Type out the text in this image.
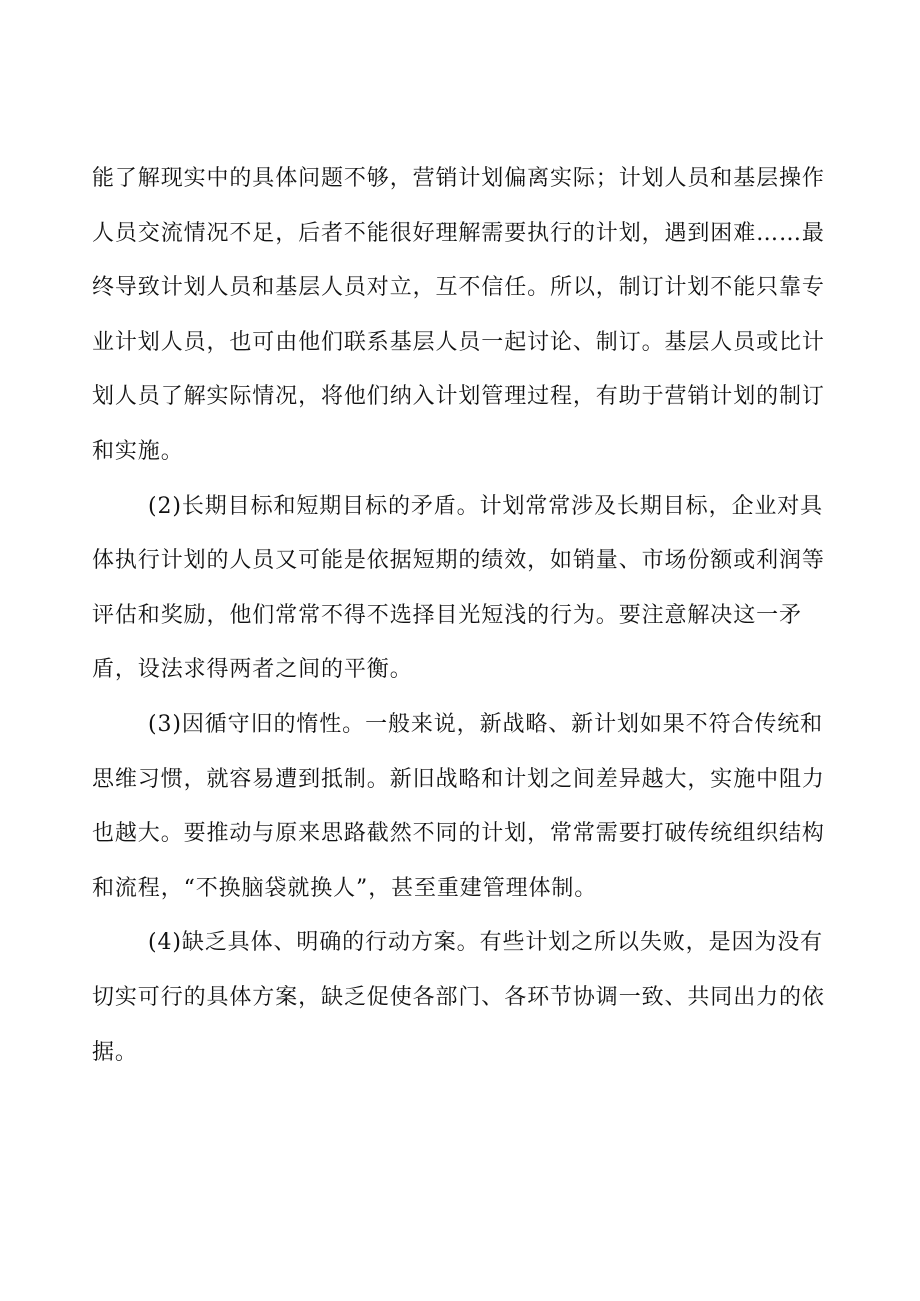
能了解现实中的具体问题不够，营销计划偏离实际；计划人员和基层操作
人员交流情况不足，后者不能很好理解需要执行的计划，遇到困难……最
终导致计划人员和基层人员对立，互不信任。所以，制订计划不能只靠专
业计划人员，也可由他们联系基层人员一起讨论、制订。基层人员或比计
划人员了解实际情况，将他们纳入计划管理过程，有助于营销计划的制订
和实施。
(2)长期目标和短期目标的矛盾。计划常常涉及长期目标，企业对具
体执行计划的人员又可能是依据短期的绩效，如销量、市场份额或利润等
评估和奖励，他们常常不得不选择目光短浅的行为。要注意解决这一矛
盾，设法求得两者之间的平衡。
(3)因循守旧的惰性。一般来说，新战略、新计划如果不符合传统和
思维习惯，就容易遭到抵制。新旧战略和计划之间差异越大，实施中阻力
也越大。要推动与原来思路截然不同的计划，常常需要打破传统组织结构
和流程，“不换脑袋就换人”，甚至重建管理体制。
(4)缺乏具体、明确的行动方案。有些计划之所以失败，是因为没有
切实可行的具体方案，缺乏促使各部门、各环节协调一致、共同出力的依
据。
